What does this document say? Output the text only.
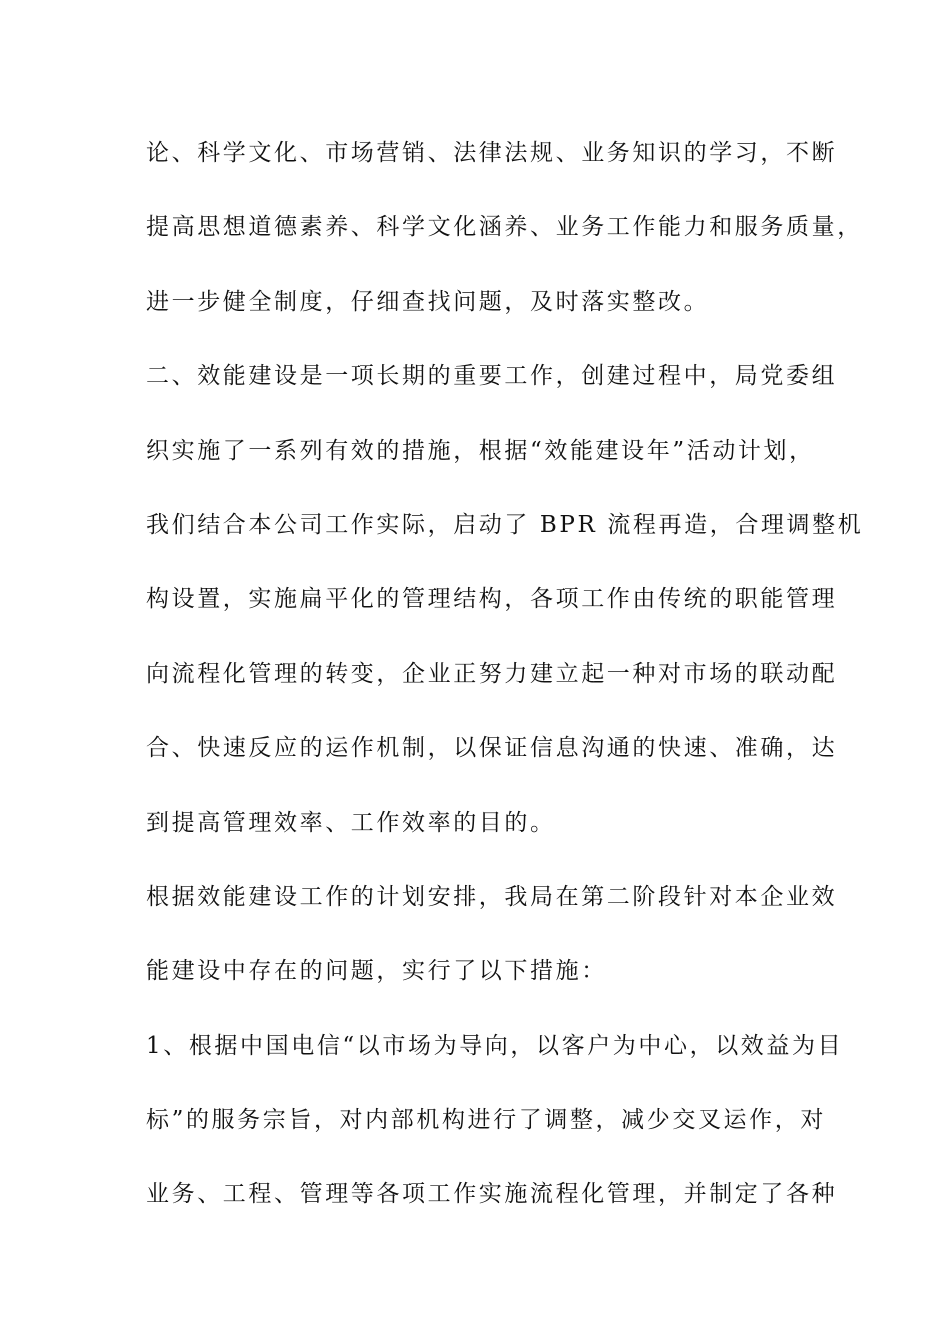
论、科学文化、市场营销、法律法规、业务知识的学习，不断
提高思想道德素养、科学文化涵养、业务工作能力和服务质量，
进一步健全制度，仔细查找问题，及时落实整改。
二、效能建设是一项长期的重要工作，创建过程中，局党委组
织实施了一系列有效的措施，根据“效能建设年”活动计划，
我们结合本公司工作实际，启动了 BPR 流程再造，合理调整机
构设置，实施扁平化的管理结构，各项工作由传统的职能管理
向流程化管理的转变，企业正努力建立起一种对市场的联动配
合、快速反应的运作机制，以保证信息沟通的快速、准确，达
到提高管理效率、工作效率的目的。
根据效能建设工作的计划安排，我局在第二阶段针对本企业效
能建设中存在的问题，实行了以下措施：
1、根据中国电信“以市场为导向，以客户为中心，以效益为目
标”的服务宗旨，对内部机构进行了调整，减少交叉运作，对
业务、工程、管理等各项工作实施流程化管理，并制定了各种
